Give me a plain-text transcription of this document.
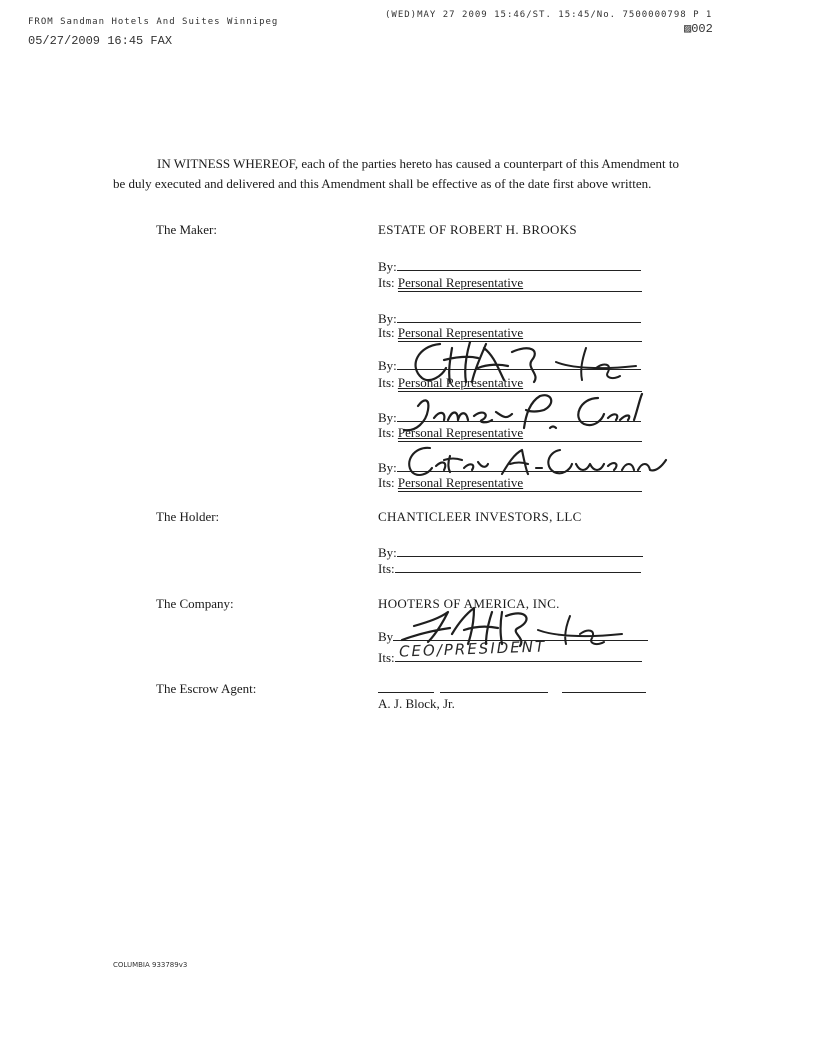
FROM Sandman Hotels And Suites Winnipeg
05/27/2009 16:45 FAX
(WED)MAY 27 2009 15:46/ST. 15:45/No. 7500000798 P 1
▨002
IN WITNESS WHEREOF, each of the parties hereto has caused a counterpart of this Amendment to be duly executed and delivered and this Amendment shall be effective as of the date first above written.
The Maker:	ESTATE OF ROBERT H. BROOKS
By:
Its: Personal Representative
By:
Its: Personal Representative
By:
Its: Personal Representative
By:
Its: Personal Representative
By:
Its: Personal Representative
The Holder:	CHANTICLEER INVESTORS, LLC
By:
Its:
The Company:	HOOTERS OF AMERICA, INC.
By
Its: CEO/PRESIDENT
The Escrow Agent:
A. J. Block, Jr.
COLUMBIA 933789v3
